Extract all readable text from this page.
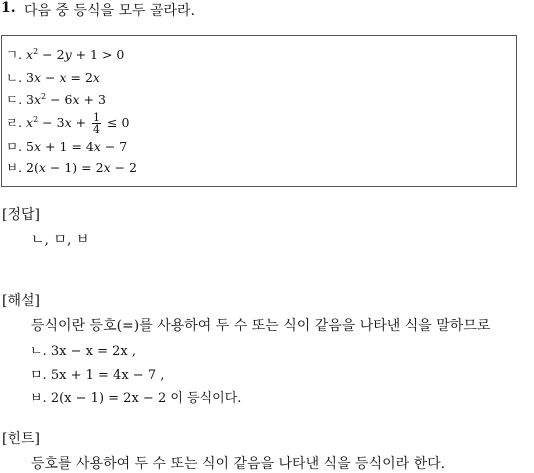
1. 다음 중 등식을 모두 골라라.
ㄱ. $x^2 - 2y + 1 > 0$
ㄴ. 3x − x = 2x
ㄷ. $3x^2 - 6x + 3$
ㄹ. $x^2 - 3x + \frac{1}{4} \le 0$
ㅁ. 5x + 1 = 4x − 7
ㅂ. 2(x − 1) = 2x − 2
[정답]
ㄴ, ㅁ, ㅂ
[해설]
등식이란 등호(=)를 사용하여 두 수 또는 식이 같음을 나타낸 식을 말하므로
ㄴ. 3x − x = 2x ,
ㅁ. 5x + 1 = 4x − 7 ,
ㅂ. 2(x − 1) = 2x − 2 이 등식이다.
[힌트]
등호를 사용하여 두 수 또는 식이 같음을 나타낸 식을 등식이라 한다.
